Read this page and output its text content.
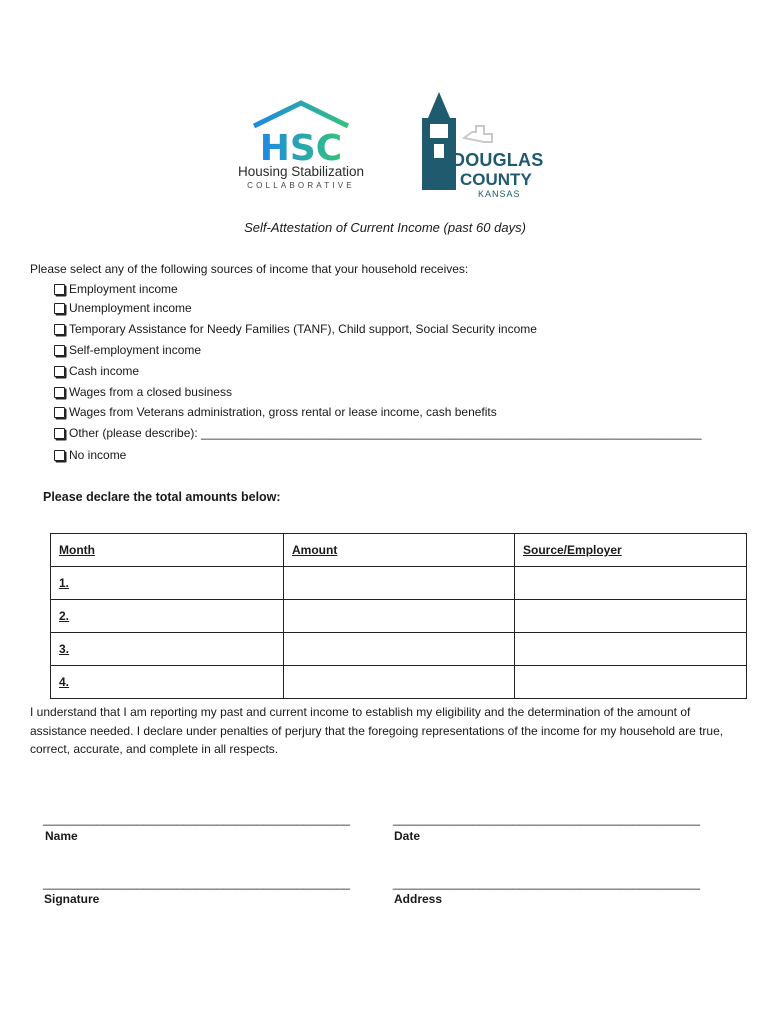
HSC
Housing Stabilization
COLLABORATIVE
DOUGLAS
COUNTY
KANSAS
Self-Attestation of Current Income (past 60 days)
Please select any of the following sources of income that your household receives:
Employment income
Unemployment income
Temporary Assistance for Needy Families (TANF), Child support, Social Security income
Self-employment income
Cash income
Wages from a closed business
Wages from Veterans administration, gross rental or lease income, cash benefits
Other (please describe): ___________________________________________________________________________
No income
Please declare the total amounts below:
Month	Amount	Source/Employer
1.		
2.		
3.		
4.		
I understand that I am reporting my past and current income to establish my eligibility and the determination of the amount of assistance needed. I declare under penalties of perjury that the foregoing representations of the income for my household are true, correct, accurate, and complete in all respects.
______________________________________________
Name
______________________________________________
Date
______________________________________________
Signature
______________________________________________
Address
